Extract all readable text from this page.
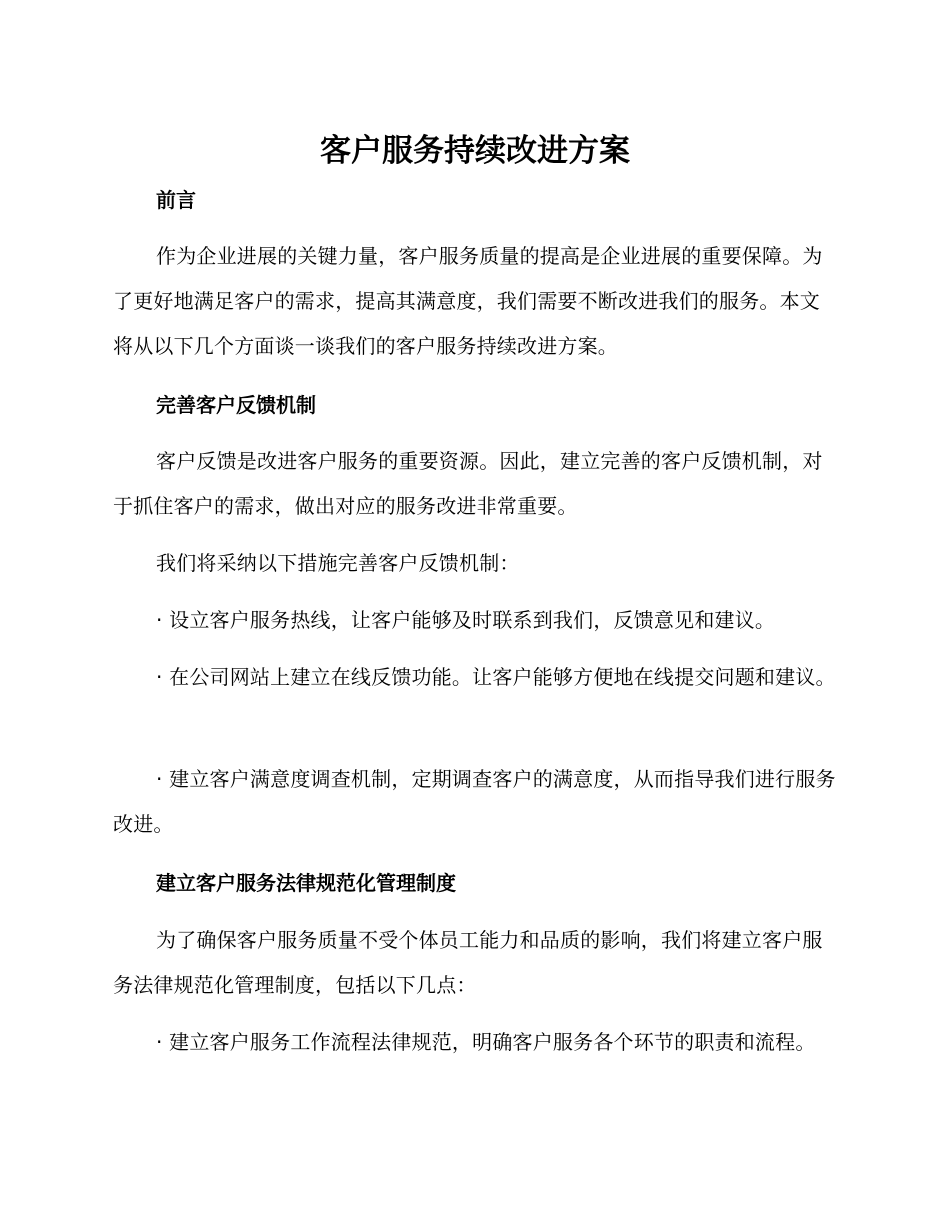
客户服务持续改进方案
前言

作为企业进展的关键力量，客户服务质量的提高是企业进展的重要保障。为了更好地满足客户的需求，提高其满意度，我们需要不断改进我们的服务。本文将从以下几个方面谈一谈我们的客户服务持续改进方案。

完善客户反馈机制

客户反馈是改进客户服务的重要资源。因此，建立完善的客户反馈机制，对于抓住客户的需求，做出对应的服务改进非常重要。

我们将采纳以下措施完善客户反馈机制：

· 设立客户服务热线，让客户能够及时联系到我们，反馈意见和建议。

· 在公司网站上建立在线反馈功能。让客户能够方便地在线提交问题和建议。

· 建立客户满意度调查机制，定期调查客户的满意度，从而指导我们进行服务改进。

建立客户服务法律规范化管理制度

为了确保客户服务质量不受个体员工能力和品质的影响，我们将建立客户服务法律规范化管理制度，包括以下几点：

· 建立客户服务工作流程法律规范，明确客户服务各个环节的职责和流程。
